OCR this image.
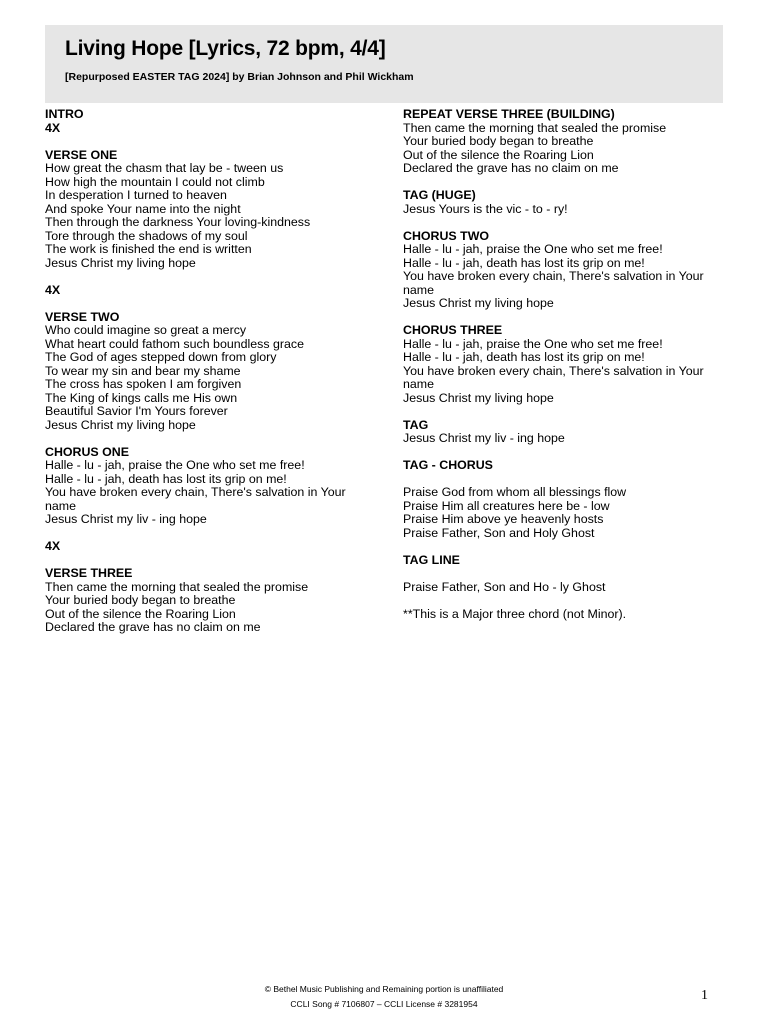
Living Hope [Lyrics, 72 bpm, 4/4]
[Repurposed EASTER TAG 2024] by Brian Johnson and Phil Wickham
INTRO
4X
VERSE ONE
How great the chasm that lay be - tween us
How high the mountain I could not climb
In desperation I turned to heaven
And spoke Your name into the night
Then through the darkness Your loving-kindness
Tore through the shadows of my soul
The work is finished the end is written
Jesus Christ my living hope
4X
VERSE TWO
Who could imagine so great a mercy
What heart could fathom such boundless grace
The God of ages stepped down from glory
To wear my sin and bear my shame
The cross has spoken I am forgiven
The King of kings calls me His own
Beautiful Savior I'm Yours forever
Jesus Christ my living hope
CHORUS ONE
Halle - lu - jah, praise the One who set me free!
Halle - lu - jah, death has lost its grip on me!
You have broken every chain, There's salvation in Your name
Jesus Christ my liv - ing hope
4X
VERSE THREE
Then came the morning that sealed the promise
Your buried body began to breathe
Out of the silence the Roaring Lion
Declared the grave has no claim on me
REPEAT VERSE THREE (BUILDING)
Then came the morning that sealed the promise
Your buried body began to breathe
Out of the silence the Roaring Lion
Declared the grave has no claim on me
TAG (HUGE)
Jesus Yours is the vic - to - ry!
CHORUS TWO
Halle - lu - jah, praise the One who set me free!
Halle - lu - jah, death has lost its grip on me!
You have broken every chain, There's salvation in Your name
Jesus Christ my living hope
CHORUS THREE
Halle - lu - jah, praise the One who set me free!
Halle - lu - jah, death has lost its grip on me!
You have broken every chain, There's salvation in Your name
Jesus Christ my living hope
TAG
Jesus Christ my liv - ing hope
TAG - CHORUS
Praise God from whom all blessings flow
Praise Him all creatures here be - low
Praise Him above ye heavenly hosts
Praise Father, Son and Holy Ghost
TAG LINE
Praise Father, Son and Ho - ly Ghost
**This is a Major three chord (not Minor).
© Bethel Music Publishing and Remaining portion is unaffiliated
CCLI Song # 7106807 – CCLI License # 3281954
1
